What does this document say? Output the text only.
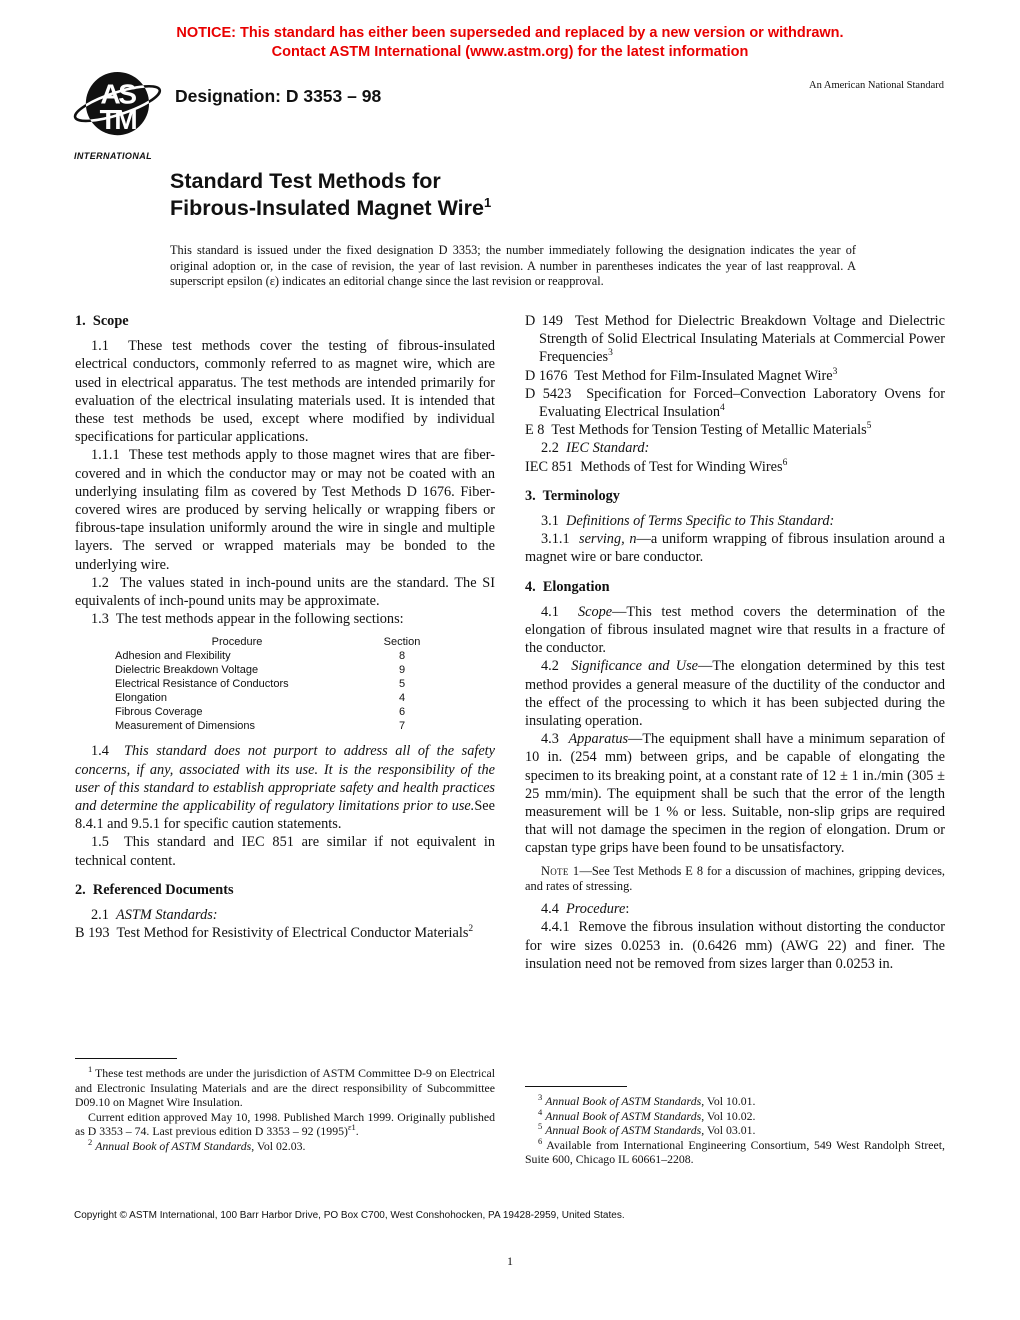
NOTICE: This standard has either been superseded and replaced by a new version or withdrawn.
Contact ASTM International (www.astm.org) for the latest information
AS
TM
INTERNATIONAL
Designation: D 3353 – 98
An American National Standard
Standard Test Methods for
Fibrous-Insulated Magnet Wire$^1$
This standard is issued under the fixed designation D 3353; the number immediately following the designation indicates the year of original adoption or, in the case of revision, the year of last revision. A number in parentheses indicates the year of last reapproval. A superscript epsilon (ε) indicates an editorial change since the last revision or reapproval.
1.  Scope

1.1  These test methods cover the testing of fibrous-insulated electrical conductors, commonly referred to as magnet wire, which are used in electrical apparatus. The test methods are intended primarily for evaluation of the electrical insulating materials used. It is intended that these test methods be used, except where modified by individual specifications for particular applications.

1.1.1  These test methods apply to those magnet wires that are fiber-covered and in which the conductor may or may not be coated with an underlying insulating film as covered by Test Methods D 1676. Fiber-covered wires are produced by serving helically or wrapping fibers or fibrous-tape insulation uniformly around the wire in single and multiple layers. The served or wrapped materials may be bonded to the underlying wire.

1.2  The values stated in inch-pound units are the standard. The SI equivalents of inch-pound units may be approximate.

1.3  The test methods appear in the following sections:

Procedure	Section
Adhesion and Flexibility	8
Dielectric Breakdown Voltage	9
Electrical Resistance of Conductors	5
Elongation	4
Fibrous Coverage	6
Measurement of Dimensions	7

1.4  This standard does not purport to address all of the safety concerns, if any, associated with its use. It is the responsibility of the user of this standard to establish appropriate safety and health practices and determine the applicability of regulatory limitations prior to use.See 8.4.1 and 9.5.1 for specific caution statements.

1.5  This standard and IEC 851 are similar if not equivalent in technical content.

2.  Referenced Documents

2.1  ASTM Standards:

B 193  Test Method for Resistivity of Electrical Conductor Materials$^2$

D 149  Test Method for Dielectric Breakdown Voltage and Dielectric Strength of Solid Electrical Insulating Materials at Commercial Power Frequencies$^3$

D 1676  Test Method for Film-Insulated Magnet Wire$^3$

D 5423  Specification for Forced–Convection Laboratory Ovens for Evaluating Electrical Insulation$^4$

E 8  Test Methods for Tension Testing of Metallic Materials$^5$

2.2  IEC Standard:

IEC 851  Methods of Test for Winding Wires$^6$

3.  Terminology

3.1  Definitions of Terms Specific to This Standard:

3.1.1  serving, n—a uniform wrapping of fibrous insulation around a magnet wire or bare conductor.

4.  Elongation

4.1  Scope—This test method covers the determination of the elongation of fibrous insulated magnet wire that results in a fracture of the conductor.

4.2  Significance and Use—The elongation determined by this test method provides a general measure of the ductility of the conductor and the effect of the processing to which it has been subjected during the insulating operation.

4.3  Apparatus—The equipment shall have a minimum separation of 10 in. (254 mm) between grips, and be capable of elongating the specimen to its breaking point, at a constant rate of 12 ± 1 in./min (305 ± 25 mm/min). The equipment shall be such that the error of the length measurement will be 1 % or less. Suitable, non-slip grips are required that will not damage the specimen in the region of elongation. Drum or capstan type grips have been found to be unsatisfactory.

Note 1—See Test Methods E 8 for a discussion of machines, gripping devices, and rates of stressing.

4.4  Procedure:

4.4.1  Remove the fibrous insulation without distorting the conductor for wire sizes 0.0253 in. (0.6426 mm) (AWG 22) and finer. The insulation need not be removed from sizes larger than 0.0253 in.

$^1$ These test methods are under the jurisdiction of ASTM Committee D-9 on Electrical and Electronic Insulating Materials and are the direct responsibility of Subcommittee D09.10 on Magnet Wire Insulation.

Current edition approved May 10, 1998. Published March 1999. Originally published as D 3353 – 74. Last previous edition D 3353 – 92 $(1995)^{\varepsilon 1}$.

$^2$ Annual Book of ASTM Standards, Vol 02.03.

$^3$ Annual Book of ASTM Standards, Vol 10.01.

$^4$ Annual Book of ASTM Standards, Vol 10.02.

$^5$ Annual Book of ASTM Standards, Vol 03.01.

$^6$ Available from International Engineering Consortium, 549 West Randolph Street, Suite 600, Chicago IL 60661–2208.

Copyright © ASTM International, 100 Barr Harbor Drive, PO Box C700, West Conshohocken, PA 19428-2959, United States.
1
